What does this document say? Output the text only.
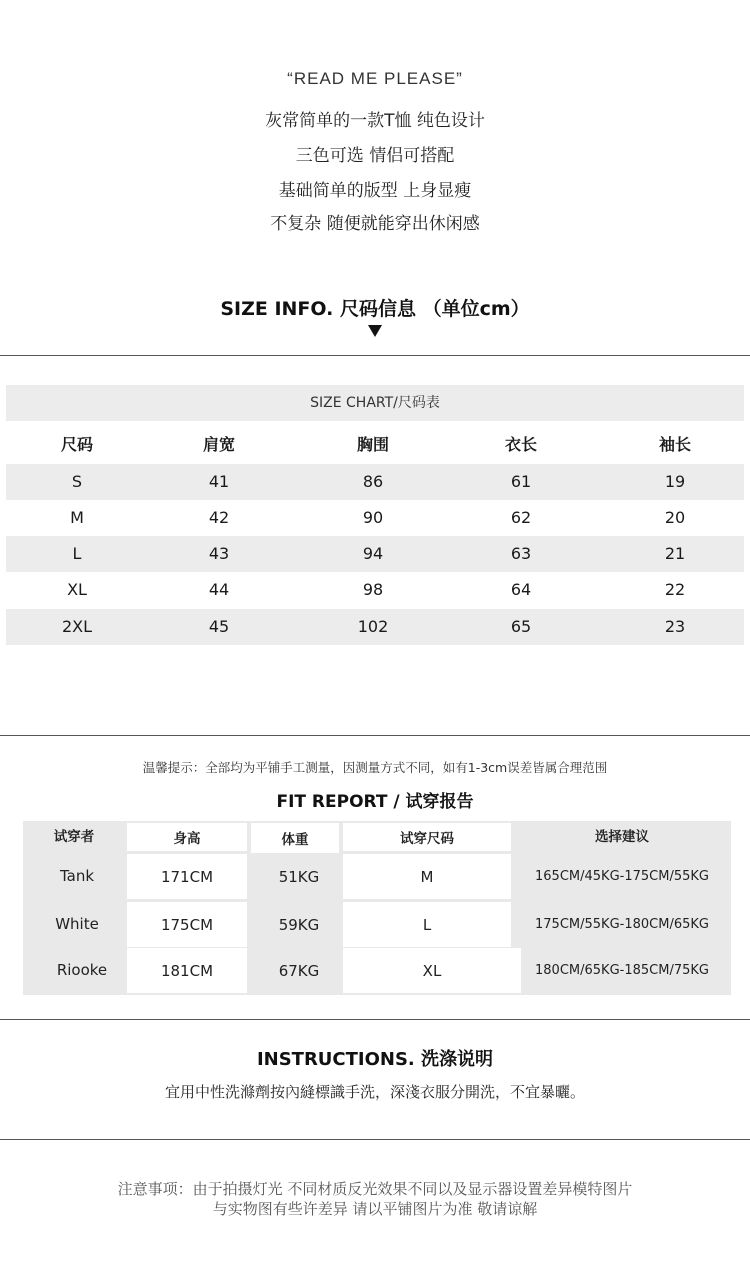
“READ ME PLEASE”
灰常简单的一款T恤 纯色设计
三色可选 情侣可搭配
基础简单的版型 上身显瘦
不复杂 随便就能穿出休闲感
SIZE INFO. 尺码信息 （单位cm）
SIZE CHART/尺码表
尺码	肩宽	胸围	衣长	袖长
S	41	86	61	19
M	42	90	62	20
L	43	94	63	21
XL	44	98	64	22
2XL	45	102	65	23
温馨提示：全部均为平铺手工测量，因测量方式不同，如有1-3cm误差皆属合理范围
FIT REPORT / 试穿报告
试穿者	身高	体重	试穿尺码	选择建议
Tank	171CM	51KG	M	165CM/45KG-175CM/55KG
White	175CM	59KG	L	175CM/55KG-180CM/65KG
Riooke	181CM	67KG	XL	180CM/65KG-185CM/75KG
INSTRUCTIONS. 洗涤说明
宜用中性洗滌劑按內縫標識手洗，深淺衣服分開洗，不宜暴曬。
注意事项：由于拍摄灯光 不同材质反光效果不同以及显示器设置差异模特图片
与实物图有些许差异 请以平铺图片为准 敬请谅解
